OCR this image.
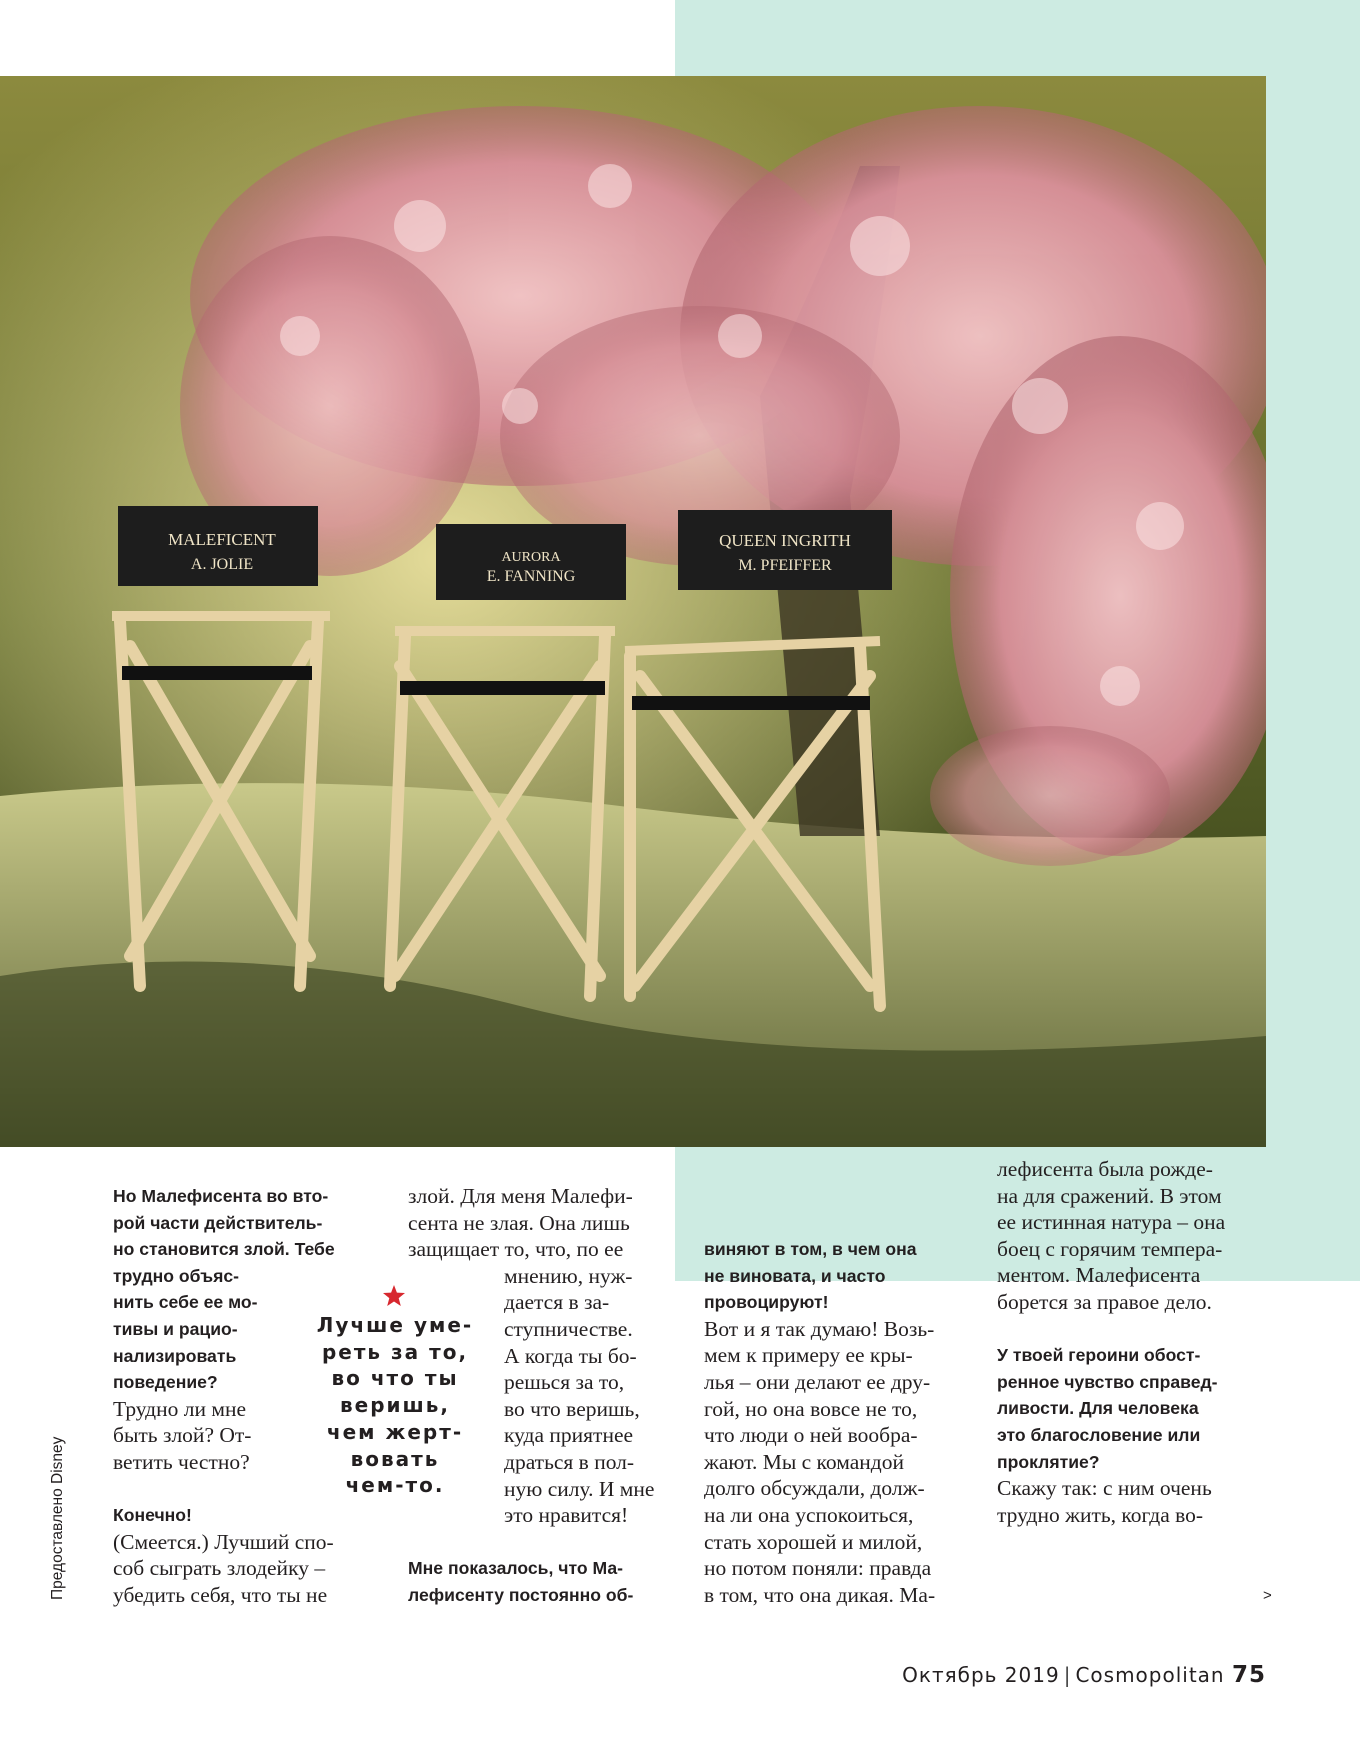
MALEFICENT
A. JOLIE	AURORA
E. FANNING
QUEEN INGRITH
M. PFEIFFER

Но Малефисента во вто-

рой части действитель-

но становится злой. Тебе

трудно объяс-

нить себе ее мо-

тивы и рацио-

нализировать

поведение?

Трудно ли мне

быть злой? От-

ветить честно?

Конечно!

(Смеется.) Лучший спо-

соб сыграть злодейку –

убедить себя, что ты не

злой. Для меня Малефи-

сента не злая. Она лишь

защищает то, что, по ее

мнению, нуж-

дается в за-

ступничестве.

А когда ты бо-

решься за то,

во что веришь,

куда приятнее

драться в пол-

ную силу. И мне

это нравится!

Мне показалось, что Ма-

лефисенту постоянно об-

Лучше уме-
реть за то,
во что ты
веришь,
чем жерт-
вовать
чем-то.

виняют в том, в чем она

не виновата, и часто

провоцируют!

Вот и я так думаю! Возь-

мем к примеру ее кры-

лья – они делают ее дру-

гой, но она вовсе не то,

что люди о ней вообра-

жают. Мы с командой

долго обсуждали, долж-

на ли она успокоиться,

стать хорошей и милой,

но потом поняли: правда

в том, что она дикая. Ма-

лефисента была рожде-

на для сражений. В этом

ее истинная натура – она

боец с горячим темпера-

ментом. Малефисента

борется за правое дело.

У твоей героини обост-

ренное чувство справед-

ливости. Для человека

это благословение или

проклятие?

Скажу так: с ним очень

трудно жить, когда во-

>
Предоставлено Disney
Октябрь 2019 | Cosmopolitan 75
